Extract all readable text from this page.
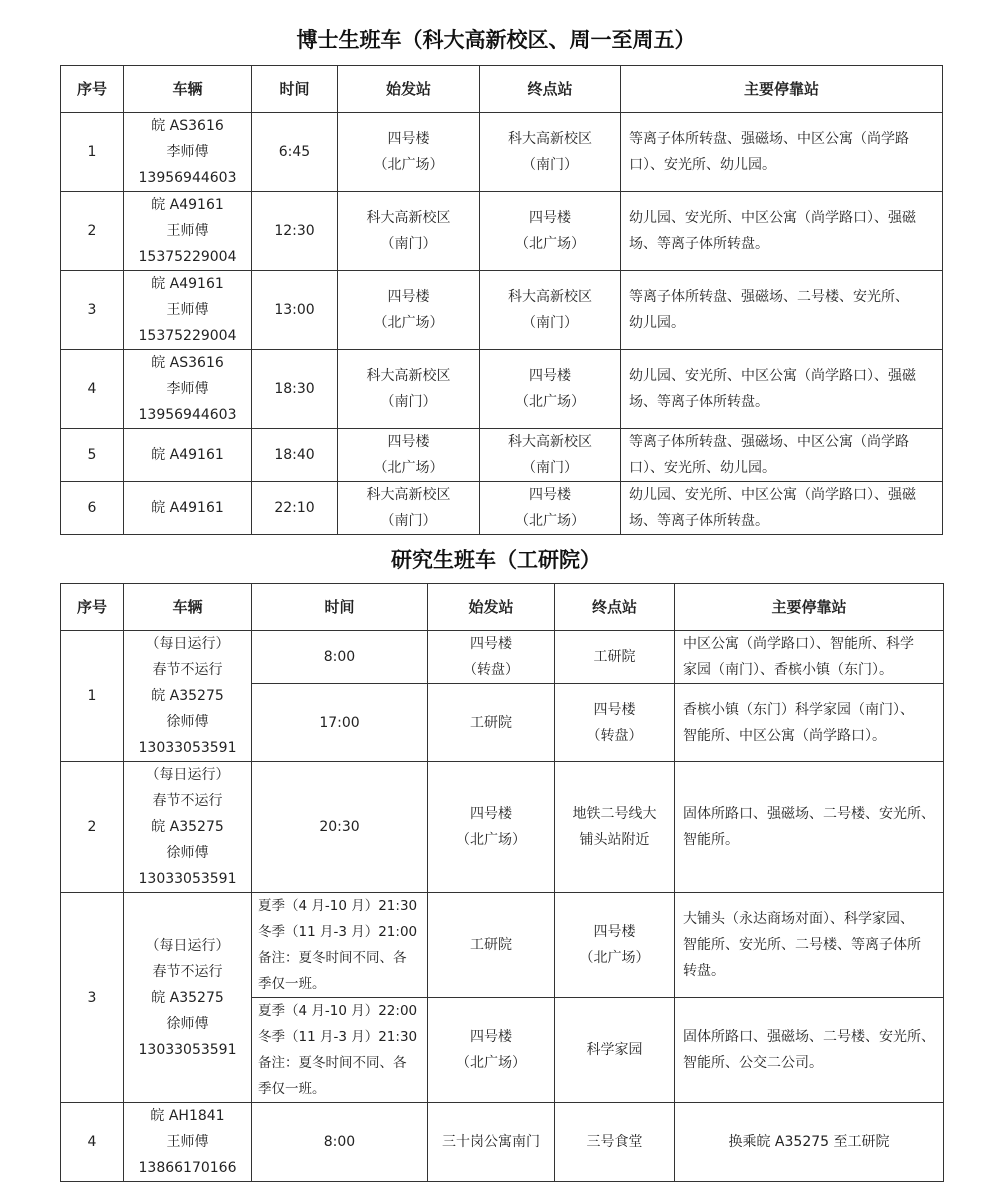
博士生班车（科大高新校区、周一至周五）
序号	车辆	时间	始发站	终点站	主要停靠站
1	皖 AS3616
李师傅
13956944603	6:45	四号楼
（北广场）	科大高新校区
（南门）	等离子体所转盘、强磁场、中区公寓（尚学路
口）、安光所、幼儿园。

2	皖 A49161
王师傅
15375229004	12:30	科大高新校区
（南门）	四号楼
（北广场）	幼儿园、安光所、中区公寓（尚学路口）、强磁
场、等离子体所转盘。

3	皖 A49161
王师傅
15375229004	13:00	四号楼
（北广场）	科大高新校区
（南门）	等离子体所转盘、强磁场、二号楼、安光所、
幼儿园。

4	皖 AS3616
李师傅
13956944603	18:30	科大高新校区
（南门）	四号楼
（北广场）	幼儿园、安光所、中区公寓（尚学路口）、强磁
场、等离子体所转盘。

5	皖 A49161	18:40	四号楼
（北广场）	科大高新校区
（南门）	等离子体所转盘、强磁场、中区公寓（尚学路
口）、安光所、幼儿园。

6	皖 A49161	22:10	科大高新校区
（南门）	四号楼
（北广场）	幼儿园、安光所、中区公寓（尚学路口）、强磁
场、等离子体所转盘。
研究生班车（工研院）
序号	车辆	时间	始发站	终点站	主要停靠站
1	（每日运行）
春节不运行
皖 A35275
徐师傅
13033053591	8:00	四号楼
（转盘）	工研院	中区公寓（尚学路口）、智能所、科学
家园（南门）、香槟小镇（东门）。

		17:00	工研院	四号楼
（转盘）	香槟小镇（东门）科学家园（南门）、
智能所、中区公寓（尚学路口）。

2	（每日运行）
春节不运行
皖 A35275
徐师傅
13033053591	20:30	四号楼
（北广场）	地铁二号线大
铺头站附近	固体所路口、强磁场、二号楼、安光所、
智能所。

3	（每日运行）
春节不运行
皖 A35275
徐师傅
13033053591	夏季（4 月-10 月）21:30
冬季（11 月-3 月）21:00
备注：夏冬时间不同、各
季仅一班。	工研院	四号楼
（北广场）	大铺头（永达商场对面）、科学家园、
智能所、安光所、二号楼、等离子体所
转盘。

		夏季（4 月-10 月）22:00
冬季（11 月-3 月）21:30
备注：夏冬时间不同、各
季仅一班。	四号楼
（北广场）	科学家园	固体所路口、强磁场、二号楼、安光所、
智能所、公交二公司。

4	皖 AH1841
王师傅
13866170166	8:00	三十岗公寓南门	三号食堂	换乘皖 A35275 至工研院
